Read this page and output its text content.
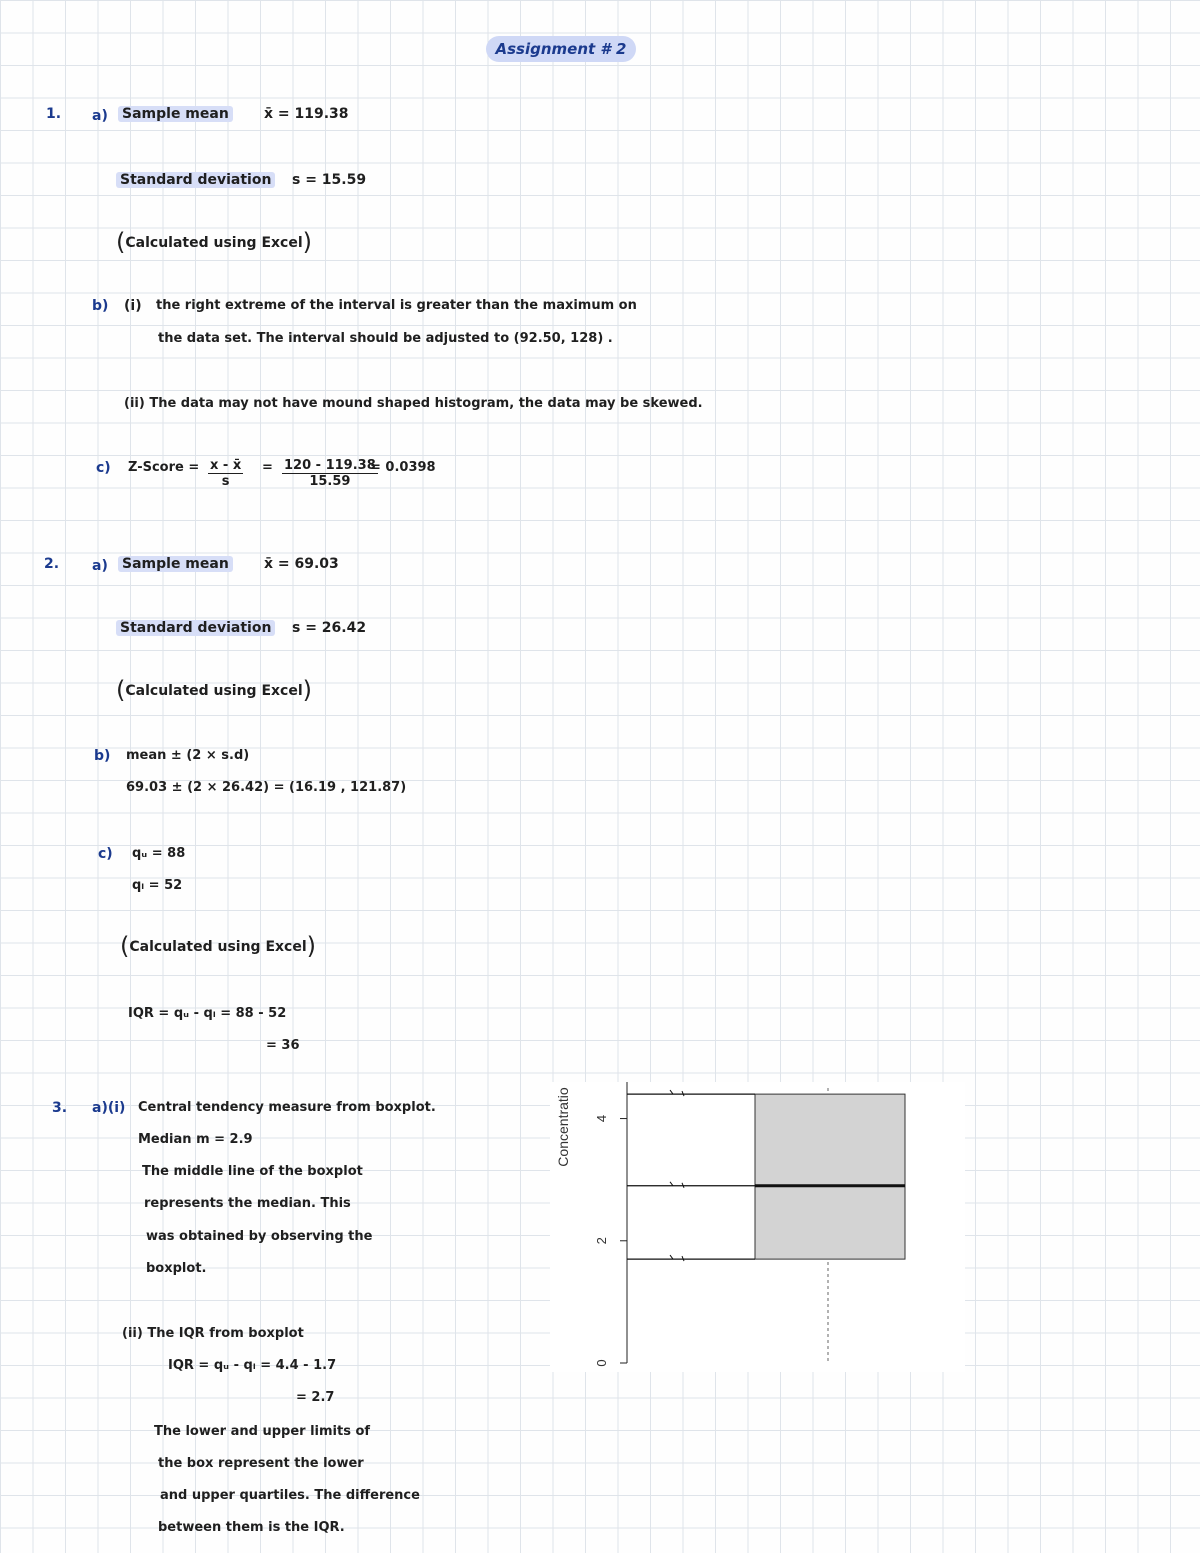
Assignment # 2
1. a) Sample mean	x̄ = 119.38
Standard deviation s = 15.59
(Calculated using Excel)
b) (i) the right extreme of the interval is greater than the maximum on
the data set. The interval should be adjusted to (92.50, 128) .
(ii) The data may not have mound shaped histogram, the data may be skewed.
c) Z-Score = $\frac{x - x̄}{s} = \frac{120 - 119.38}{15.59}$
= 0.0398
2. a) Sample mean	x̄ = 69.03
Standard deviation s = 26.42
(Calculated using Excel)
b) mean ± (2 × s.d)
69.03 ± (2 × 26.42) = (16.19 , 121.87)
c) qᵤ = 88
qₗ = 52
(Calculated using Excel)
IQR = qᵤ - qₗ = 88 - 52
= 36
3. a)(i) Central tendency measure from boxplot.
Median m = 2.9
The middle line of the boxplot
represents the median. This
was obtained by observing the
boxplot.
(ii) The IQR from boxplot
IQR = qᵤ - qₗ = 4.4 - 1.7
= 2.7
The lower and upper limits of
the box represent the lower
and upper quartiles. The difference
between them is the IQR.
Concentratio
0
2
4
